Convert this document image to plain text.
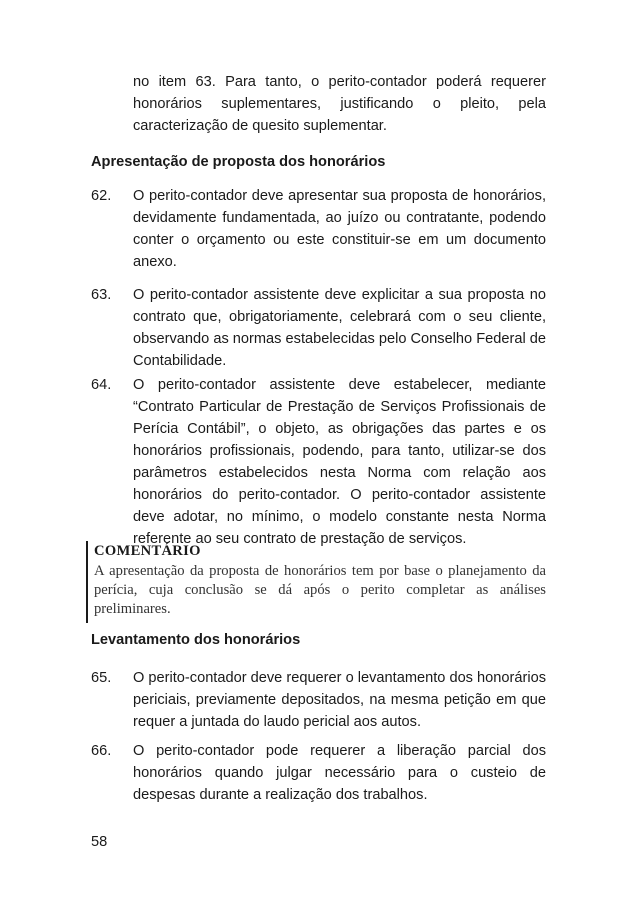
no item 63. Para tanto, o perito-contador poderá requerer honorários suplementares, justificando o pleito, pela caracterização de quesito suplementar.

Apresentação de proposta dos honorários

62. O perito-contador deve apresentar sua proposta de honorários, devidamente fundamentada, ao juízo ou contratante, podendo conter o orçamento ou este constituir-se em um documento anexo.

63. O perito-contador assistente deve explicitar a sua proposta no contrato que, obrigatoriamente, celebrará com o seu cliente, observando as normas estabelecidas pelo Conselho Federal de Contabilidade.

64. O perito-contador assistente deve estabelecer, mediante “Contrato Particular de Prestação de Serviços Profissionais de Perícia Contábil”, o objeto, as obrigações das partes e os honorários profissionais, podendo, para tanto, utilizar-se dos parâmetros estabelecidos nesta Norma com relação aos honorários do perito-contador. O perito-contador assistente deve adotar, no mínimo, o modelo constante nesta Norma referente ao seu contrato de prestação de serviços.

COMENTÁRIO

A apresentação da proposta de honorários tem por base o planejamento da perícia, cuja conclusão se dá após o perito completar as análises preliminares.

Levantamento dos honorários

65. O perito-contador deve requerer o levantamento dos honorários periciais, previamente depositados, na mesma petição em que requer a juntada do laudo pericial aos autos.

66. O perito-contador pode requerer a liberação parcial dos honorários quando julgar necessário para o custeio de despesas durante a realização dos trabalhos.

58
